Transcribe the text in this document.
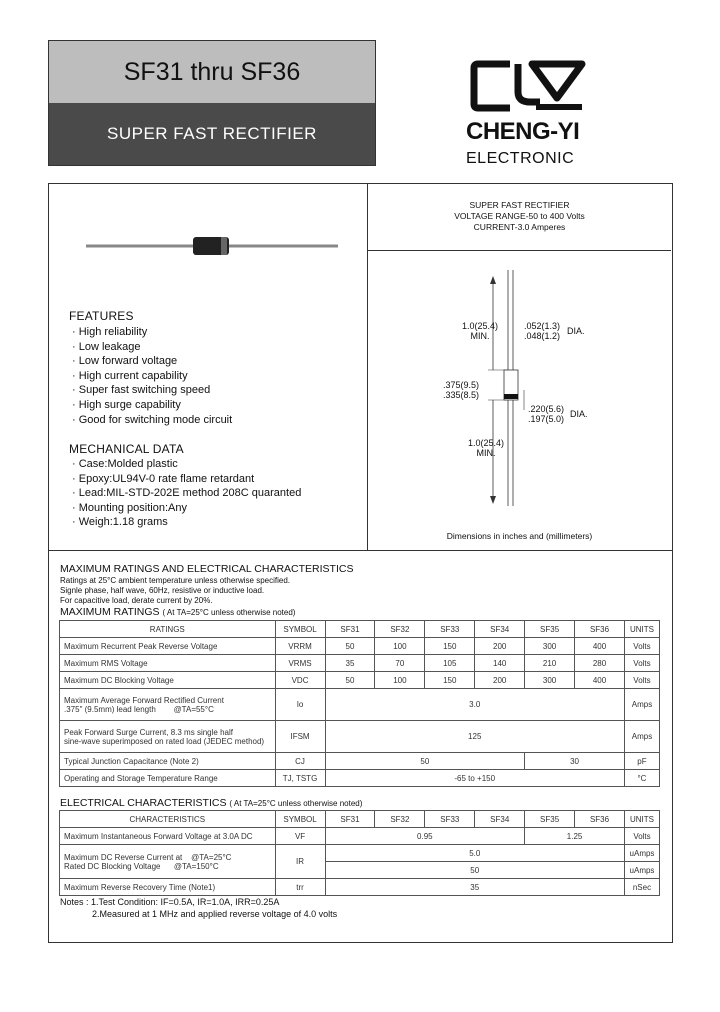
SF31 thru SF36
SUPER FAST RECTIFIER	CHENG-YI
ELECTRONIC
SUPER FAST RECTIFIER
VOLTAGE RANGE-50 to 400 Volts
CURRENT-3.0 Amperes
FEATURES
· High reliability
· Low leakage
· Low forward voltage
· High current capability
· Super fast switching speed
· High surge capability
· Good for switching mode circuit
MECHANICAL DATA
· Case:Molded plastic
· Epoxy:UL94V-0 rate flame retardant
· Lead:MIL-STD-202E method 208C quaranted
· Mounting position:Any
· Weigh:1.18 grams
1.0(25.4)
MIN.
.052(1.3)
.048(1.2) DIA.
.375(9.5)
.335(8.5)
.220(5.6)
.197(5.0) DIA.
1.0(25.4)
MIN.
Dimensions in inches and (millimeters)
MAXIMUM RATINGS AND ELECTRICAL CHARACTERISTICS
Ratings at 25°C ambient temperature unless otherwise specified.
Signle phase, half wave, 60Hz, resistive or inductive load.
For capacitive load, derate current by 20%.
MAXIMUM RATINGS ( At TA=25°C unless otherwise noted)
RATINGS	SYMBOL	SF31	SF32	SF33	SF34	SF35	SF36	UNITS
Maximum Recurrent Peak Reverse Voltage	VRRM	50	100	150	200	300	400	Volts
Maximum RMS Voltage	VRMS	35	70	105	140	210	280	Volts
Maximum DC Blocking Voltage	VDC	50	100	150	200	300	400	Volts

Maximum Average Forward Rectified Current
.375" (9.5mm) lead length @TA=55°C	Io	3.0						Amps

Peak Forward Surge Current, 8.3 ms single half
sine-wave superimposed on rated load (JEDEC method)	IFSM	125						Amps
Typical Junction Capacitance (Note 2)	CJ	50				30		pF
Operating and Storage Temperature Range	TJ, TSTG	-65 to +150						°C
ELECTRICAL CHARACTERISTICS ( At TA=25°C unless otherwise noted)
CHARACTERISTICS	SYMBOL	SF31	SF32	SF33	SF34	SF35	SF36	UNITS
Maximum Instantaneous Forward Voltage at 3.0A DC	VF	0.95				1.25		Volts

Maximum DC Reverse Current at @TA=25°C
Rated DC Blocking Voltage @TA=150°C	IR	5.0						uAmps
		50						uAmps
Maximum Reverse Recovery Time (Note1)	trr	35						nSec
Notes : 1.Test Condition: IF=0.5A, IR=1.0A, IRR=0.25A
2.Measured at 1 MHz and applied reverse voltage of 4.0 volts
